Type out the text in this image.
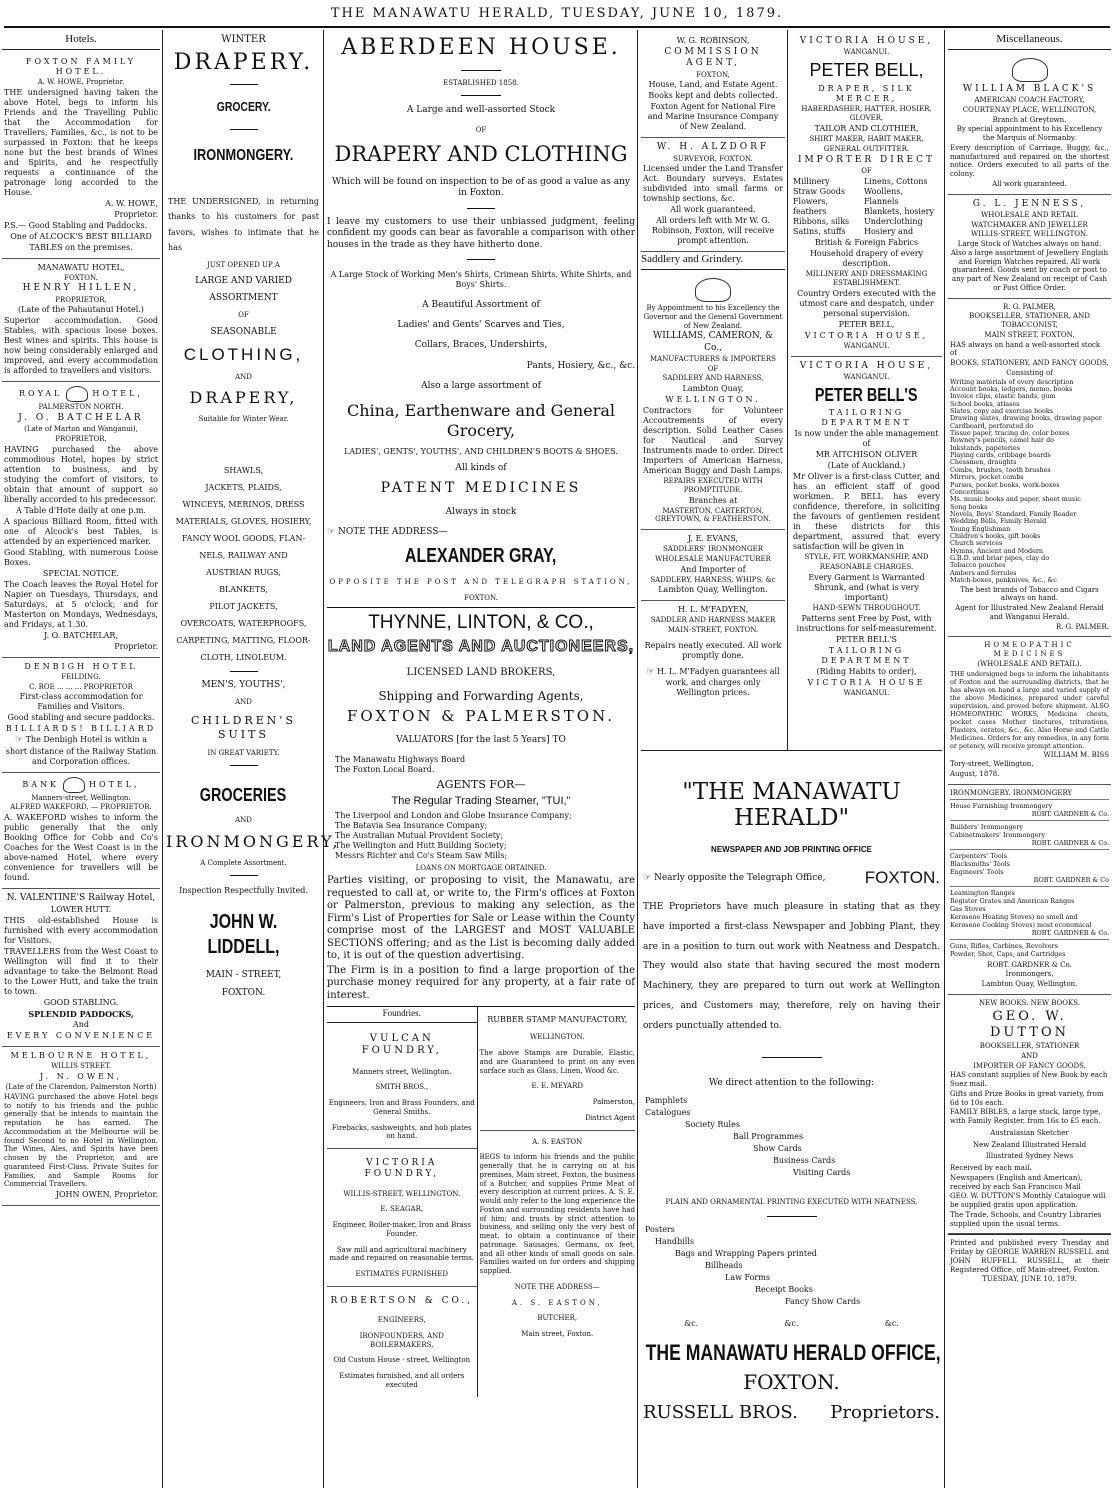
THE MANAWATU HERALD, TUESDAY, JUNE 10, 1879.
Hotels.

FOXTON FAMILY HOTEL.

A. W. HOWE, Proprietor.

THE undersigned having taken the above Hotel, begs to inform his Friends and the Travelling Public that the Accommodation for Travellers, Families, &c., is not to be surpassed in Foxton: that he keeps none but the best brands of Wines and Spirits, and he respectfully requests a continuance of the patronage long accorded to the House.

A. W. HOWE,

Proprietor.

P.S.— Good Stabling and Paddocks.

One of ALCOCK'S BEST BILLIARD

TABLES on the premises.

MANAWATU HOTEL,

FOXTON.

HENRY HILLEN,

PROPRIETOR,

(Late of the Pahautanui Hotel.)

Superior accommodation. Good Stables, with spacious loose boxes. Best wines and spirits. This house is now being considerably enlarged and improved, and every accommodation is afforded to travellers and visitors.

ROYAL	HOTEL,

PALMERSTON NORTH.

J. O. BATCHELAR

(Late of Marton and Wanganui),

PROPRIETOR,

HAVING purchased the above commodious Hotel, hopes by strict attention to business, and by studying the comfort of visitors, to obtain that amount of support so liberally accorded to his predecessor.

A Table d'Hote daily at one p.m.

A spacious Billiard Room, fitted with one of Alcock's best Tables, is attended by an experienced marker.

Good Stabling, with numerous Loose Boxes.

SPECIAL NOTICE.

The Coach leaves the Royal Hotel for Napier on Tuesdays, Thursdays, and Saturdays, at 5 o'clock; and for Masterton on Mondays, Wednesdays, and Fridays, at 1.30.

J. O. BATCHELAR,

Proprietor.

DENBIGH HOTEL

FEILDING.

C. ROE ... ... ... PROPRIETOR

First-class accommodation for Families and Visitors.

Good stabling and secure paddocks.

BILLIARDS! BILLIARD

☞ The Denbigh Hotel is within a short distance of the Railway Station and Corporation offices.

BANK	HOTEL,

Manners-street, Wellington.

ALFRED WAKEFORD, — PROPRIETOR.

A. WAKEFORD wishes to inform the public generally that the only Booking Office for Cobb and Co's Coaches for the West Coast is in the above-named Hotel, where every convenience for travellers will be found.

N. VALENTINE'S Railway Hotel,

LOWER HUTT.

THIS old-established House is furnished with every accommodation for Visitors.

TRAVELLERS from the West Coast to Wellington will find it to their advantage to take the Belmont Road to the Lower Hutt, and take the train to town.

GOOD STABLING.

SPLENDID PADDOCKS,

And

EVERY CONVENIENCE

MELBOURNE HOTEL,

WILLIS STREET.

J. N. OWEN,

(Late of the Clarendon, Palmerston North)

HAVING purchased the above Hotel begs to notify to his friends and the public generally that he intends to maintain the reputation he has earned. The Accommodation at the Melbourne will be found Second to no Hotel in Wellington. The Wines, Ales, and Spirits have been chosen by the Proprietor, and are guaranteed First-Class. Private Suites for Families, and Sample Rooms for Commercial Travellers.

JOHN OWEN, Proprietor.

WINTER

DRAPERY.

GROCERY.

IRONMONGERY.

THE UNDERSIGNED, in returning thanks to his customers for past favors, wishes to intimate that he has

JUST OPENED UP A

LARGE AND VARIED

ASSORTMENT

OF

SEASONABLE

CLOTHING,

AND

DRAPERY,

Suitable for Winter Wear.

SHAWLS,

JACKETS, PLAIDS,

WINCEYS, MERINOS, DRESS

MATERIALS, GLOVES, HOSIERY,

FANCY WOOL GOODS, FLAN-

NELS, RAILWAY AND

AUSTRIAN RUGS,

BLANKETS,

PILOT JACKETS,

OVERCOATS, WATERPROOFS,

CARPETING, MATTING, FLOOR-

CLOTH, LINOLEUM.

MEN'S, YOUTHS',

AND

CHILDREN'S SUITS

IN GREAT VARIETY.

GROCERIES

AND

IRONMONGERY,

A Complete Assortment.

Inspection Respectfully Invited.

JOHN W. LIDDELL,

MAIN - STREET,

FOXTON.

ABERDEEN HOUSE.

ESTABLISHED 1858.

A Large and well-assorted Stock

OF

DRAPERY AND CLOTHING

Which will be found on inspection to be of as good a value as any in Foxton.

I leave my customers to use their unbiassed judgment, feeling confident my goods can bear as favorable a comparison with other houses in the trade as they have hitherto done.

A Large Stock of Working Men's Shirts, Crimean Shirts, White Shirts, and Boys' Shirts.

A Beautiful Assortment of

Ladies' and Gents' Scarves and Ties,

Collars, Braces, Undershirts,

Pants, Hosiery, &c., &c.

Also a large assortment of

China, Earthenware and General Grocery,

LADIES', GENTS', YOUTHS', AND CHILDREN'S BOOTS & SHOES.

All kinds of

PATENT MEDICINES

Always in stock

☞ NOTE THE ADDRESS—

ALEXANDER GRAY,

OPPOSITE THE POST AND TELEGRAPH STATION,

FOXTON.

THYNNE, LINTON, & CO.,

LAND AGENTS AND AUCTIONEERS,

LICENSED LAND BROKERS,

Shipping and Forwarding Agents,

FOXTON & PALMERSTON.

VALUATORS [for the last 5 Years] TO

The Manawatu Highways Board

The Foxton Local Board.

AGENTS FOR—

The Regular Trading Steamer, "TUI,"

The Liverpool and London and Globe Insurance Company;

The Batavia Sea Insurance Company;

The Australian Mutual Provident Society;

The Wellington and Hutt Building Society;

Messrs Richter and Co's Steam Saw Mills;

LOANS ON MORTGAGE OBTAINED.

Parties visiting, or proposing to visit, the Manawatu, are requested to call at, or write to, the Firm's offices at Foxton or Palmerston, previous to making any selection, as the Firm's List of Properties for Sale or Lease within the County comprise most of the LARGEST and MOST VALUABLE SECTIONS offering; and as the List is becoming daily added to, it is out of the question advertising.

The Firm is in a position to find a large proportion of the purchase money required for any property, at a fair rate of interest.

Foundries.

VULCAN FOUNDRY,

Manners street, Wellington.

SMITH BROS.,

Engineers, Iron and Brass Founders, and General Smiths.

Firebacks, sashweights, and hob plates on hand.

VICTORIA FOUNDRY,

WILLIS-STREET, WELLINGTON.

E. SEAGAR,

Engineer, Boiler-maker, Iron and Brass Founder.

Saw mill and agricultural machinery made and repaired on reasonable terms.

ESTIMATES FURNISHED

ROBERTSON & CO.,

ENGINEERS,

IRONFOUNDERS, AND BOILERMAKERS,

Old Custom House - street, Wellington

Estimates furnished, and all orders executed

RUBBER STAMP MANUFACTORY,

WELLINGTON.

The above Stamps are Durable, Elastic, and are Guaranteed to print on any even surface such as Glass, Linen, Wood &c.

E. E. MEYARD

Palmerston,

District Agent

A. S. EASTON

BEGS to inform his friends and the public generally that he is carrying on at his premises, Main street, Foxton, the business of a Butcher, and supplies Prime Meat of every description at current prices. A. S. E. would only refer to the long experience the Foxton and surrounding residents have had of him; and trusts by strict attention to business, and selling only the very best of meat, to obtain a continuance of their patronage. Sausages, Germans, ox feet, and all other kinds of small goods on sale. Families waited on for orders and shipping supplied.

NOTE THE ADDRESS—

A. S. EASTON,

BUTCHER,

Main street, Foxton.

W. G. ROBINSON,

COMMISSION AGENT,

FOXTON,

House, Land, and Estate Agent.

Books kept and debts collected.

Foxton Agent for National Fire and Marine Insurance Company of New Zealand.

W. H. ALZDORF

SURVEYOR, FOXTON.

Licensed under the Land Transfer Act. Boundary surveys. Estates subdivided into small farms or township sections, &c.

All work guaranteed.

All orders left with Mr W. G. Robinson, Foxton, will receive prompt attention.

Saddlery and Grindery.

By Appointment to his Excellency the Governor and the General Government of New Zealand.

WILLIAMS, CAMERON, & Co.,

MANUFACTURERS & IMPORTERS

OF

SADDLERY AND HARNESS,

Lambton Quay,

WELLINGTON.

Contractors for Volunteer Accoutrements of every description. Solid Leather Cases for Nautical and Survey Instruments made to order. Direct Importers of American Harness, American Buggy and Dash Lamps.

REPAIRS EXECUTED WITH PROMPTITUDE.

Branches at

MASTERTON, CARTERTON, GREYTOWN, & FEATHERSTON.

J. E. EVANS,

SADDLERS' IRONMONGER

WHOLESALE MANUFACTURER

And Importer of

SADDLERY, HARNESS, WHIPS, &c

Lambton Quay, Wellington.

H. L. M'FADYEN,

SADDLER AND HARNESS MAKER

MAIN-STREET, FOXTON.

Repairs neatly executed. All work promptly done.

☞ H. L. M'Fadyen guarantees all work, and charges only Wellington prices.

VICTORIA HOUSE,

WANGANUI.

PETER BELL,

DRAPER, SILK MERCER,

HABERDASHER, HATTER, HOSIER,

GLOVER,

TAILOR AND CLOTHIER,

SHIRT MAKER, HABIT MAKER,

GENERAL OUTFITTER.

IMPORTER DIRECT

OF

Millinery

Straw Goods

Flowers, feathers

Ribbons, silks

Satins, stuffs

Linens, Cottons

Woollens, Flannels

Blankets, hosiery

Underclothing

Hosiery and

British & Foreign Fabrics

Household drapery of every description.

MILLINERY AND DRESSMAKING

ESTABLISHMENT.

Country Orders executed with the utmost care and despatch, under personal supervision.

PETER BELL,

VICTORIA HOUSE,

WANGANUI.

VICTORIA HOUSE,

WANGANUI.

PETER BELL'S

TAILORING DEPARTMENT

Is now under the able management of

MR AITCHISON OLIVER

(Late of Auckland.)

Mr Oliver is a first-class Cutter, and has an efficient staff of good workmen. P. BELL has every confidence, therefore, in soliciting the favours of gentlemen resident in these districts for this department, assured that every satisfaction will be given in

STYLE, FIT, WORKMANSHIP, AND

REASONABLE CHARGES.

Every Garment is Warranted Shrunk, and (what is very important)

HAND-SEWN THROUGHOUT.

Patterns sent Free by Post, with instructions for self-measurement.

PETER BELL'S

TAILORING DEPARTMENT

(Riding Habits to order),

VICTORIA HOUSE

WANGANUI.

"THE MANAWATU HERALD"

NEWSPAPER AND JOB PRINTING OFFICE

☞ Nearly opposite the Telegraph Office, FOXTON.

THE Proprietors have much pleasure in stating that as they have imported a first-class Newspaper and Jobbing Plant, they are in a position to turn out work with Neatness and Despatch. They would also state that having secured the most modern Machinery, they are prepared to turn out work at Wellington prices, and Customers may, therefore, rely on having their orders punctually attended to.

We direct attention to the following:

Pamphlets

Catalogues

Society Rules

Ball Programmes

Show Cards

Business Cards

Visiting Cards

PLAIN AND ORNAMENTAL PRINTING EXECUTED WITH NEATNESS,

Posters

Handbills

Bags and Wrapping Papers printed

Billheads

Law Forms

Receipt Books

Fancy Show Cards

&c.	&c.	&c.

THE MANAWATU HERALD OFFICE,

FOXTON.

RUSSELL BROS. Proprietors.

Miscellaneous.

WILLIAM BLACK'S

AMERICAN COACH FACTORY,

COURTENAY PLACE, WELLINGTON,

Branch at Greytown.

By special appointment to his Excellency the Marquis of Normanby.

Every description of Carriage, Buggy, &c., manufactured and repaired on the shortest notice. Orders executed to all parts of the colony.

All work guaranteed.

G. L. JENNESS,

WHOLESALE AND RETAIL

WATCHMAKER AND JEWELLER

WILLIS-STREET, WELLINGTON.

Large Stock of Watches always on hand. Also a large assortment of Jewellery English and Foreign Watches repaired. All work guaranteed. Goods sent by coach or post to any part of New Zealand on receipt of Cash or Post Office Order.

R. G. PALMER,

BOOKSELLER, STATIONER, AND TOBACCONIST,

MAIN STREET, FOXTON,

HAS always on hand a well-assorted stock of

BOOKS, STATIONERY, AND FANCY GOODS,

Consisting of

Writing materials of every description

Account books, ledgers, memo. books

Invoice clips, elastic bands, gum

School books, atlases

Slates, copy and exercise books

Drawing slates, drawing books, drawing paper

Cardboard, perforated do

Tissue paper, tracing do, color boxes

Rowney's pencils, camel hair do

Inkstands, papeteries

Playing cards, cribbage boards

Chessmen, draughts

Combs, brushes, tooth brushes

Mirrors, pocket combs

Purses, pocket books, work-boxes

Concertinas

Ms. music books and paper, sheet music

Song books

Novels, Boys' Standard, Family Reader

Wedding Bells, Family Herald

Young Englishman

Children's books, gift books

Church services

Hymns, Ancient and Modern

G.B.D. and briar pipes, clay do

Tobacco pouches

Ambers and ferrules

Match-boxes, penknives, &c., &c

The best brands of Tobacco and Cigars always on hand.

Agent for Illustrated New Zealand Herald and Wanganui Herald.

R. G. PALMER.

HOMEOPATHIC MEDICINES

(WHOLESALE AND RETAIL).

THE undersigned begs to inform the inhabitants of Foxton and the surrounding districts, that he has always on hand a large and varied supply of the above Medicines, prepared under careful supervision, and proved before shipment. ALSO HOMEOPATHIC WORKS, Medicine chests, pocket cases Mother tinctures, triturations, Plasters, cerates, &c., &c. Also Horse and Cattle Medicines. Orders for any remedies, in any form or potency, will receive prompt attention.

WILLIAM M. BISS

Tory-street, Wellington,

August, 1878.

IRONMONGERY. IRONMONGERY

House Furnishing Ironmongery

ROBT. GARDNER & Co.

Builders' Ironmongery

Cabinetmakers' Ironmongery

ROBT. GARDNER & Co.

Carpenters' Tools

Blacksmiths' Tools

Engineers' Tools

ROBT. GARDNER & Co

Leamington Ranges

Register Grates and American Ranges

Gas Stoves

Kerosene Heating Stoves) no smell and

Kerosene Cooking Stoves) most economical

ROBT. GARDNER & Co.

Guns, Rifles, Carbines, Revolvers

Powder, Shot, Caps, and Cartridges

ROBT. GARDNER & Co.

Ironmongers,

Lambton Quay, Wellington.

NEW BOOKS. NEW BOOKS.

GEO. W. DUTTON

BOOKSELLER, STATIONER

AND

IMPORTER OF FANCY GOODS,

HAS constant supplies of New Book by each Suez mail.

Gifts and Prize Books in great variety, from 6d to 10s each.

FAMILY BIBLES, a large stock, large type, with Family Register, from 16s to £5 each.

Australasian Sketcher

New Zealand Illustrated Herald

Illustrated Sydney News

Received by each mail.

Newspapers (English and American), received by each San Francisco Mail

GEO. W. DUTTON'S Monthly Catalogue will be supplied gratis upon application.

The Trade, Schools, and Country Libraries supplied upon the usual terms.

Printed and published every Tuesday and Friday by GEORGE WARREN RUSSELL and JOHN RUFFELL RUSSELL, at their Registered Office, off Main-street, Foxton.

TUESDAY, JUNE 10, 1879.
